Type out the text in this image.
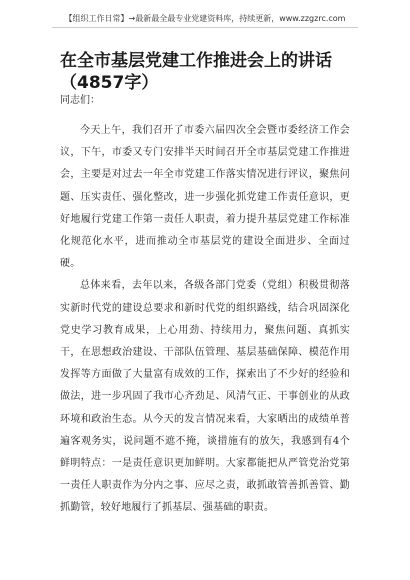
【组织工作日常】→最新最全最专业党建资料库，持续更新，www.zzgzrc.com
在全市基层党建工作推进会上的讲话（4857字）
同志们：

今天上午，我们召开了市委六届四次全会暨市委经济工作会议，下午，市委又专门安排半天时间召开全市基层党建工作推进会，主要是对过去一年全市党建工作落实情况进行评议，聚焦问题、压实责任、强化整改，进一步强化抓党建工作责任意识，更好地履行党建工作第一责任人职责，着力提升基层党建工作标准化规范化水平，进而推动全市基层党的建设全面进步、全面过硬。

总体来看，去年以来，各级各部门党委（党组）积极贯彻落实新时代党的建设总要求和新时代党的组织路线，结合巩固深化党史学习教育成果，上心用劲、持续用力，聚焦问题、真抓实干，在思想政治建设、干部队伍管理、基层基础保障、模范作用发挥等方面做了大量富有成效的工作，探索出了不少好的经验和做法，进一步巩固了我市心齐劲足、风清气正、干事创业的从政环境和政治生态。从今天的发言情况来看，大家晒出的成绩单普遍客观务实，说问题不遮不掩，谈措施有的放矢，我感到有4个鲜明特点：一是责任意识更加鲜明。大家都能把从严管党治党第一责任人职责作为分内之事、应尽之责，敢抓敢管善抓善管、勤抓勤管，较好地履行了抓基层、强基础的职责。
